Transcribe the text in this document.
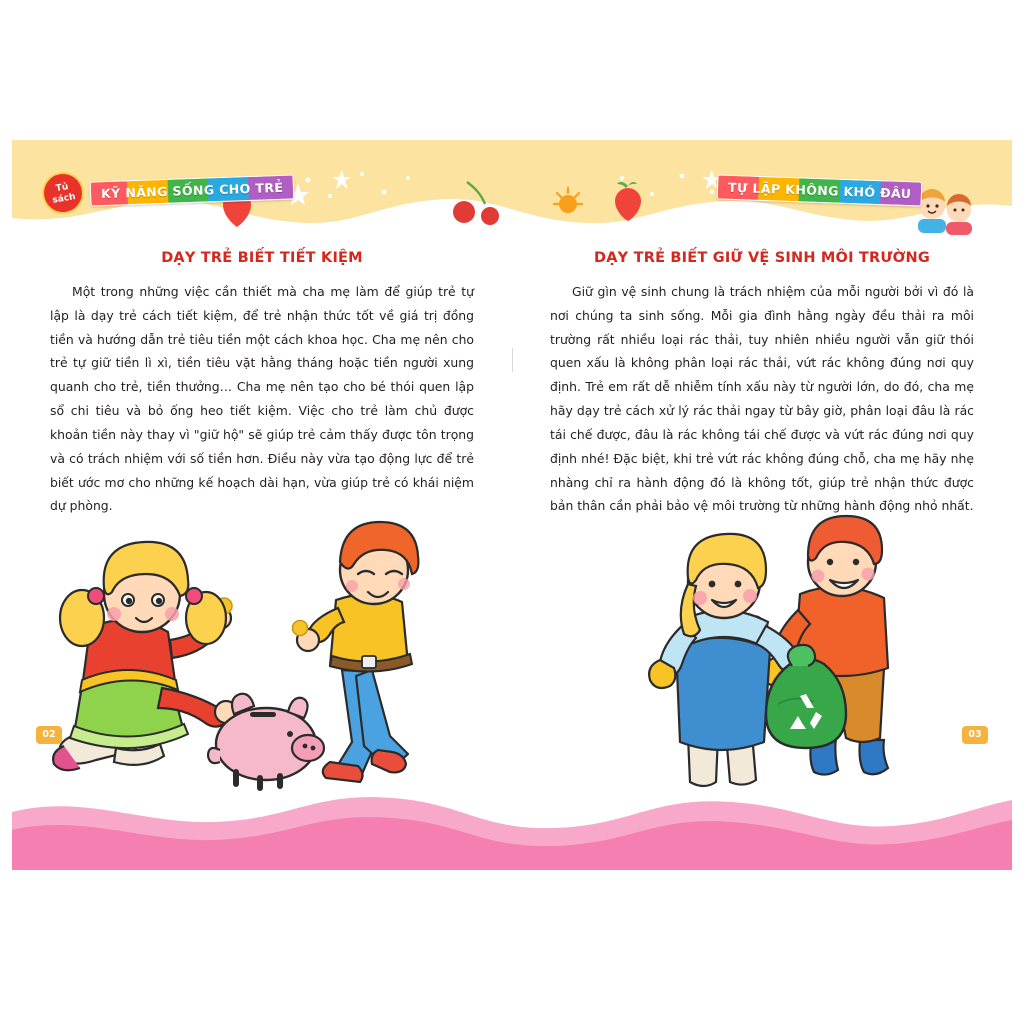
Tủ
sách	KỸ NĂNG SỐNG CHO TRẺ	TỰ LẬP KHÔNG KHÓ ĐÂU
DẠY TRẺ BIẾT TIẾT KIỆM

Một trong những việc cần thiết mà cha mẹ làm để giúp trẻ tự lập là dạy trẻ cách tiết kiệm, để trẻ nhận thức tốt về giá trị đồng tiền và hướng dẫn trẻ tiêu tiền một cách khoa học. Cha mẹ nên cho trẻ tự giữ tiền lì xì, tiền tiêu vặt hằng tháng hoặc tiền người xung quanh cho trẻ, tiền thưởng… Cha mẹ nên tạo cho bé thói quen lập sổ chi tiêu và bỏ ống heo tiết kiệm. Việc cho trẻ làm chủ được khoản tiền này thay vì "giữ hộ" sẽ giúp trẻ cảm thấy được tôn trọng và có trách nhiệm với số tiền hơn. Điều này vừa tạo động lực để trẻ biết ước mơ cho những kế hoạch dài hạn, vừa giúp trẻ có khái niệm dự phòng.

02
DẠY TRẺ BIẾT GIỮ VỆ SINH MÔI TRƯỜNG

Giữ gìn vệ sinh chung là trách nhiệm của mỗi người bởi vì đó là nơi chúng ta sinh sống. Mỗi gia đình hằng ngày đều thải ra môi trường rất nhiều loại rác thải, tuy nhiên nhiều người vẫn giữ thói quen xấu là không phân loại rác thải, vứt rác không đúng nơi quy định. Trẻ em rất dễ nhiễm tính xấu này từ người lớn, do đó, cha mẹ hãy dạy trẻ cách xử lý rác thải ngay từ bây giờ, phân loại đâu là rác tái chế được, đâu là rác không tái chế được và vứt rác đúng nơi quy định nhé! Đặc biệt, khi trẻ vứt rác không đúng chỗ, cha mẹ hãy nhẹ nhàng chỉ ra hành động đó là không tốt, giúp trẻ nhận thức được bản thân cần phải bảo vệ môi trường từ những hành động nhỏ nhất.

03
